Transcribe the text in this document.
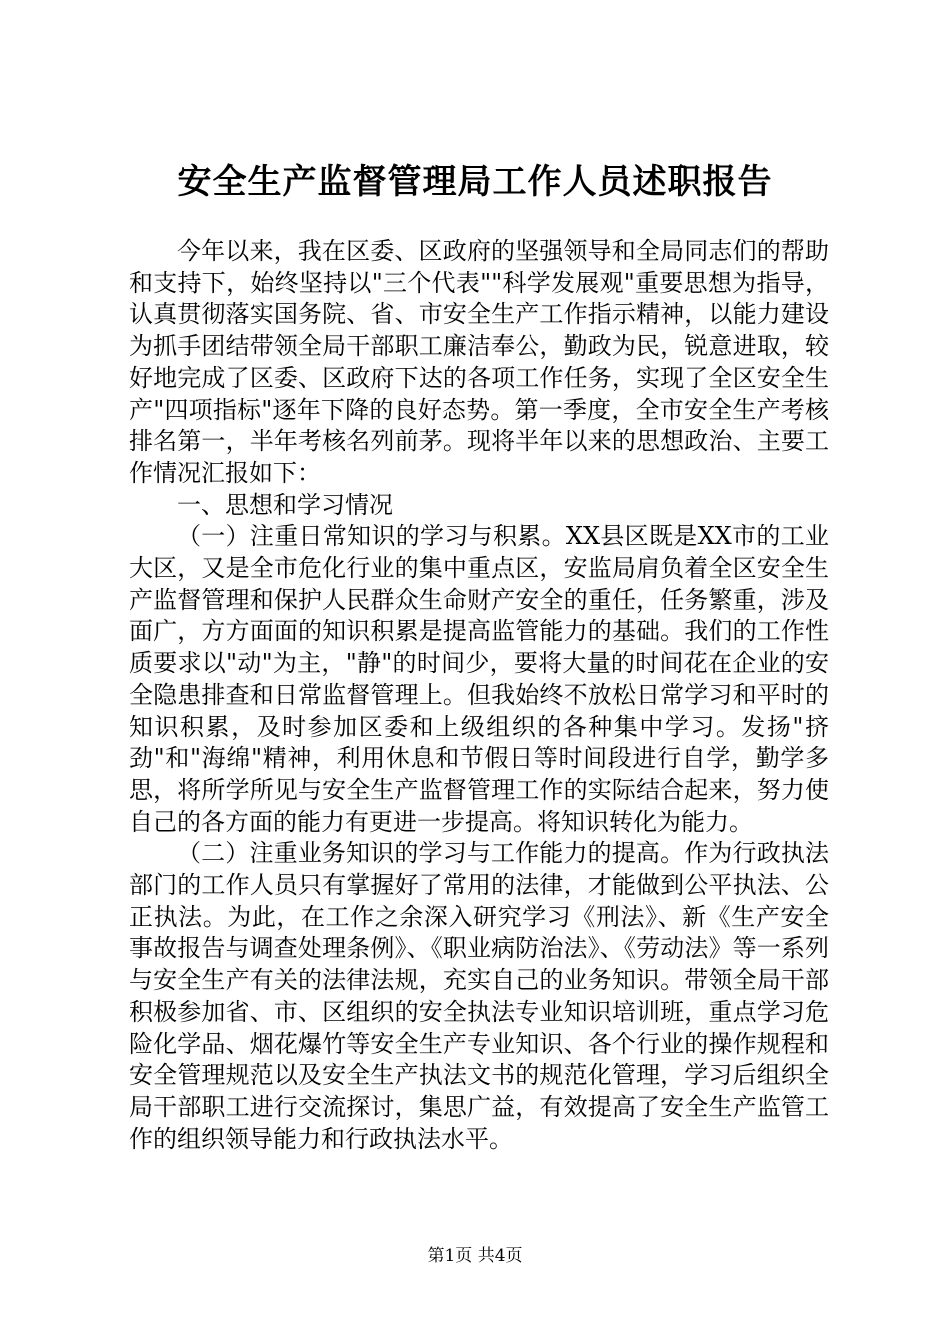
安全生产监督管理局工作人员述职报告

今年以来，我在区委、区政府的坚强领导和全局同志们的帮助和支持下，始终坚持以"三个代表""科学发展观"重要思想为指导，认真贯彻落实国务院、省、市安全生产工作指示精神，以能力建设为抓手团结带领全局干部职工廉洁奉公，勤政为民，锐意进取，较好地完成了区委、区政府下达的各项工作任务，实现了全区安全生产"四项指标"逐年下降的良好态势。第一季度，全市安全生产考核排名第一，半年考核名列前茅。现将半年以来的思想政治、主要工作情况汇报如下：

一、思想和学习情况

（一）注重日常知识的学习与积累。XX县区既是XX市的工业大区，又是全市危化行业的集中重点区，安监局肩负着全区安全生产监督管理和保护人民群众生命财产安全的重任，任务繁重，涉及面广，方方面面的知识积累是提高监管能力的基础。我们的工作性质要求以"动"为主，"静"的时间少，要将大量的时间花在企业的安全隐患排查和日常监督管理上。但我始终不放松日常学习和平时的知识积累，及时参加区委和上级组织的各种集中学习。发扬"挤劲"和"海绵"精神，利用休息和节假日等时间段进行自学，勤学多思，将所学所见与安全生产监督管理工作的实际结合起来，努力使自己的各方面的能力有更进一步提高。将知识转化为能力。

（二）注重业务知识的学习与工作能力的提高。作为行政执法部门的工作人员只有掌握好了常用的法律，才能做到公平执法、公正执法。为此，在工作之余深入研究学习《刑法》、新《生产安全事故报告与调查处理条例》、《职业病防治法》、《劳动法》等一系列与安全生产有关的法律法规，充实自己的业务知识。带领全局干部积极参加省、市、区组织的安全执法专业知识培训班，重点学习危险化学品、烟花爆竹等安全生产专业知识、各个行业的操作规程和安全管理规范以及安全生产执法文书的规范化管理，学习后组织全局干部职工进行交流探讨，集思广益，有效提高了安全生产监管工作的组织领导能力和行政执法水平。

第1页 共4页
